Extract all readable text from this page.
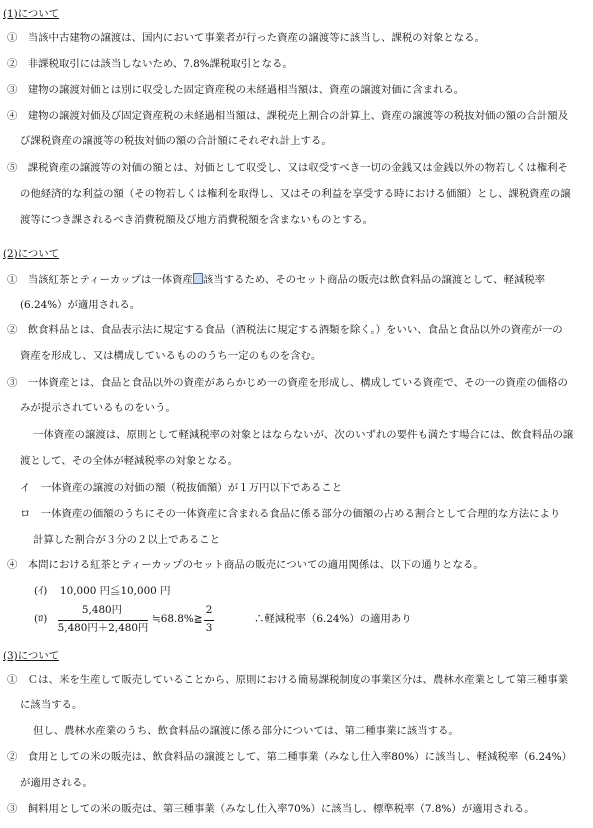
(1)について
①　当該中古建物の譲渡は、国内において事業者が行った資産の譲渡等に該当し、課税の対象となる。
②　非課税取引には該当しないため、7.8%課税取引となる。
③　建物の譲渡対価とは別に収受した固定資産税の未経過相当額は、資産の譲渡対価に含まれる。
④　建物の譲渡対価及び固定資産税の未経過相当額は、課税売上割合の計算上、資産の譲渡等の税抜対価の額の合計額及
び課税資産の譲渡等の税抜対価の額の合計額にそれぞれ計上する。
⑤　課税資産の譲渡等の対価の額とは、対価として収受し、又は収受すべき一切の金銭又は金銭以外の物若しくは権利そ
の他経済的な利益の額（その物若しくは権利を取得し、又はその利益を享受する時における価額）とし、課税資産の譲
渡等につき課されるべき消費税額及び地方消費税額を含まないものとする。
(2)について
①　当該紅茶とティーカップは一体資産 該当するため、そのセット商品の販売は飲食料品の譲渡として、軽減税率
(6.24%）が適用される。
②　飲食料品とは、食品表示法に規定する食品（酒税法に規定する酒類を除く。）をいい、食品と食品以外の資産が一の
資産を形成し、又は構成しているもののうち一定のものを含む。
③　一体資産とは、食品と食品以外の資産があらかじめ一の資産を形成し、構成している資産で、その一の資産の価格の
みが提示されているものをいう。
一体資産の譲渡は、原則として軽減税率の対象とはならないが、次のいずれの要件も満たす場合には、飲食料品の譲
渡として、その全体が軽減税率の対象となる。
イ　一体資産の譲渡の対価の額（税抜価額）が１万円以下であること
ロ　一体資産の価額のうちにその一体資産に含まれる食品に係る部分の価額の占める割合として合理的な方法により
計算した割合が３分の２以上であること
④　本問における紅茶とティーカップのセット商品の販売についての適用関係は、以下の通りとなる。
(ｲ) 10,000 円≦10,000 円
(ﾛ)
5,480円
5,480円＋2,480円
≒68.8%≧
2
3
∴軽減税率（6.24%）の適用あり
(3)について
①　Ｃは、米を生産して販売していることから、原則における簡易課税制度の事業区分は、農林水産業として第三種事業
に該当する。
但し、農林水産業のうち、飲食料品の譲渡に係る部分については、第二種事業に該当する。
②　食用としての米の販売は、飲食料品の譲渡として、第二種事業（みなし仕入率80%）に該当し、軽減税率（6.24%）
が適用される。
③　飼料用としての米の販売は、第三種事業（みなし仕入率70%）に該当し、標準税率（7.8%）が適用される。
